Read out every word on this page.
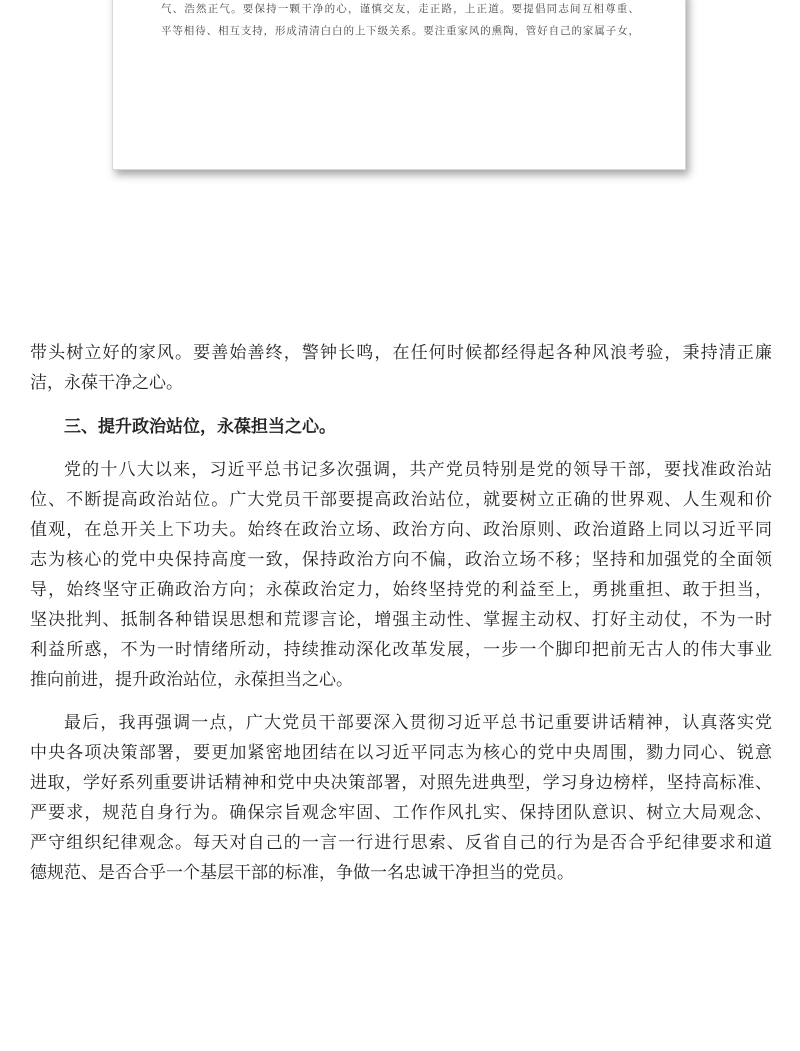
气、浩然正气。要保持一颗干净的心，谨慎交友，走正路，上正道。要提倡同志间互相尊重、
平等相待、相互支持，形成清清白白的上下级关系。要注重家风的熏陶，管好自己的家属子女，
带头树立好的家风。要善始善终，警钟长鸣，在任何时候都经得起各种风浪考验，秉持清正廉
洁，永葆干净之心。
三、提升政治站位，永葆担当之心。
党的十八大以来，习近平总书记多次强调，共产党员特别是党的领导干部，要找准政治站
位、不断提高政治站位。广大党员干部要提高政治站位，就要树立正确的世界观、人生观和价
值观，在总开关上下功夫。始终在政治立场、政治方向、政治原则、政治道路上同以习近平同
志为核心的党中央保持高度一致，保持政治方向不偏，政治立场不移；坚持和加强党的全面领
导，始终坚守正确政治方向；永葆政治定力，始终坚持党的利益至上，勇挑重担、敢于担当，
坚决批判、抵制各种错误思想和荒谬言论，增强主动性、掌握主动权、打好主动仗，不为一时
利益所惑，不为一时情绪所动，持续推动深化改革发展，一步一个脚印把前无古人的伟大事业
推向前进，提升政治站位，永葆担当之心。
最后，我再强调一点，广大党员干部要深入贯彻习近平总书记重要讲话精神，认真落实党
中央各项决策部署，要更加紧密地团结在以习近平同志为核心的党中央周围，勠力同心、锐意
进取，学好系列重要讲话精神和党中央决策部署，对照先进典型，学习身边榜样，坚持高标准、
严要求，规范自身行为。确保宗旨观念牢固、工作作风扎实、保持团队意识、树立大局观念、
严守组织纪律观念。每天对自己的一言一行进行思索、反省自己的行为是否合乎纪律要求和道
德规范、是否合乎一个基层干部的标准，争做一名忠诚干净担当的党员。
